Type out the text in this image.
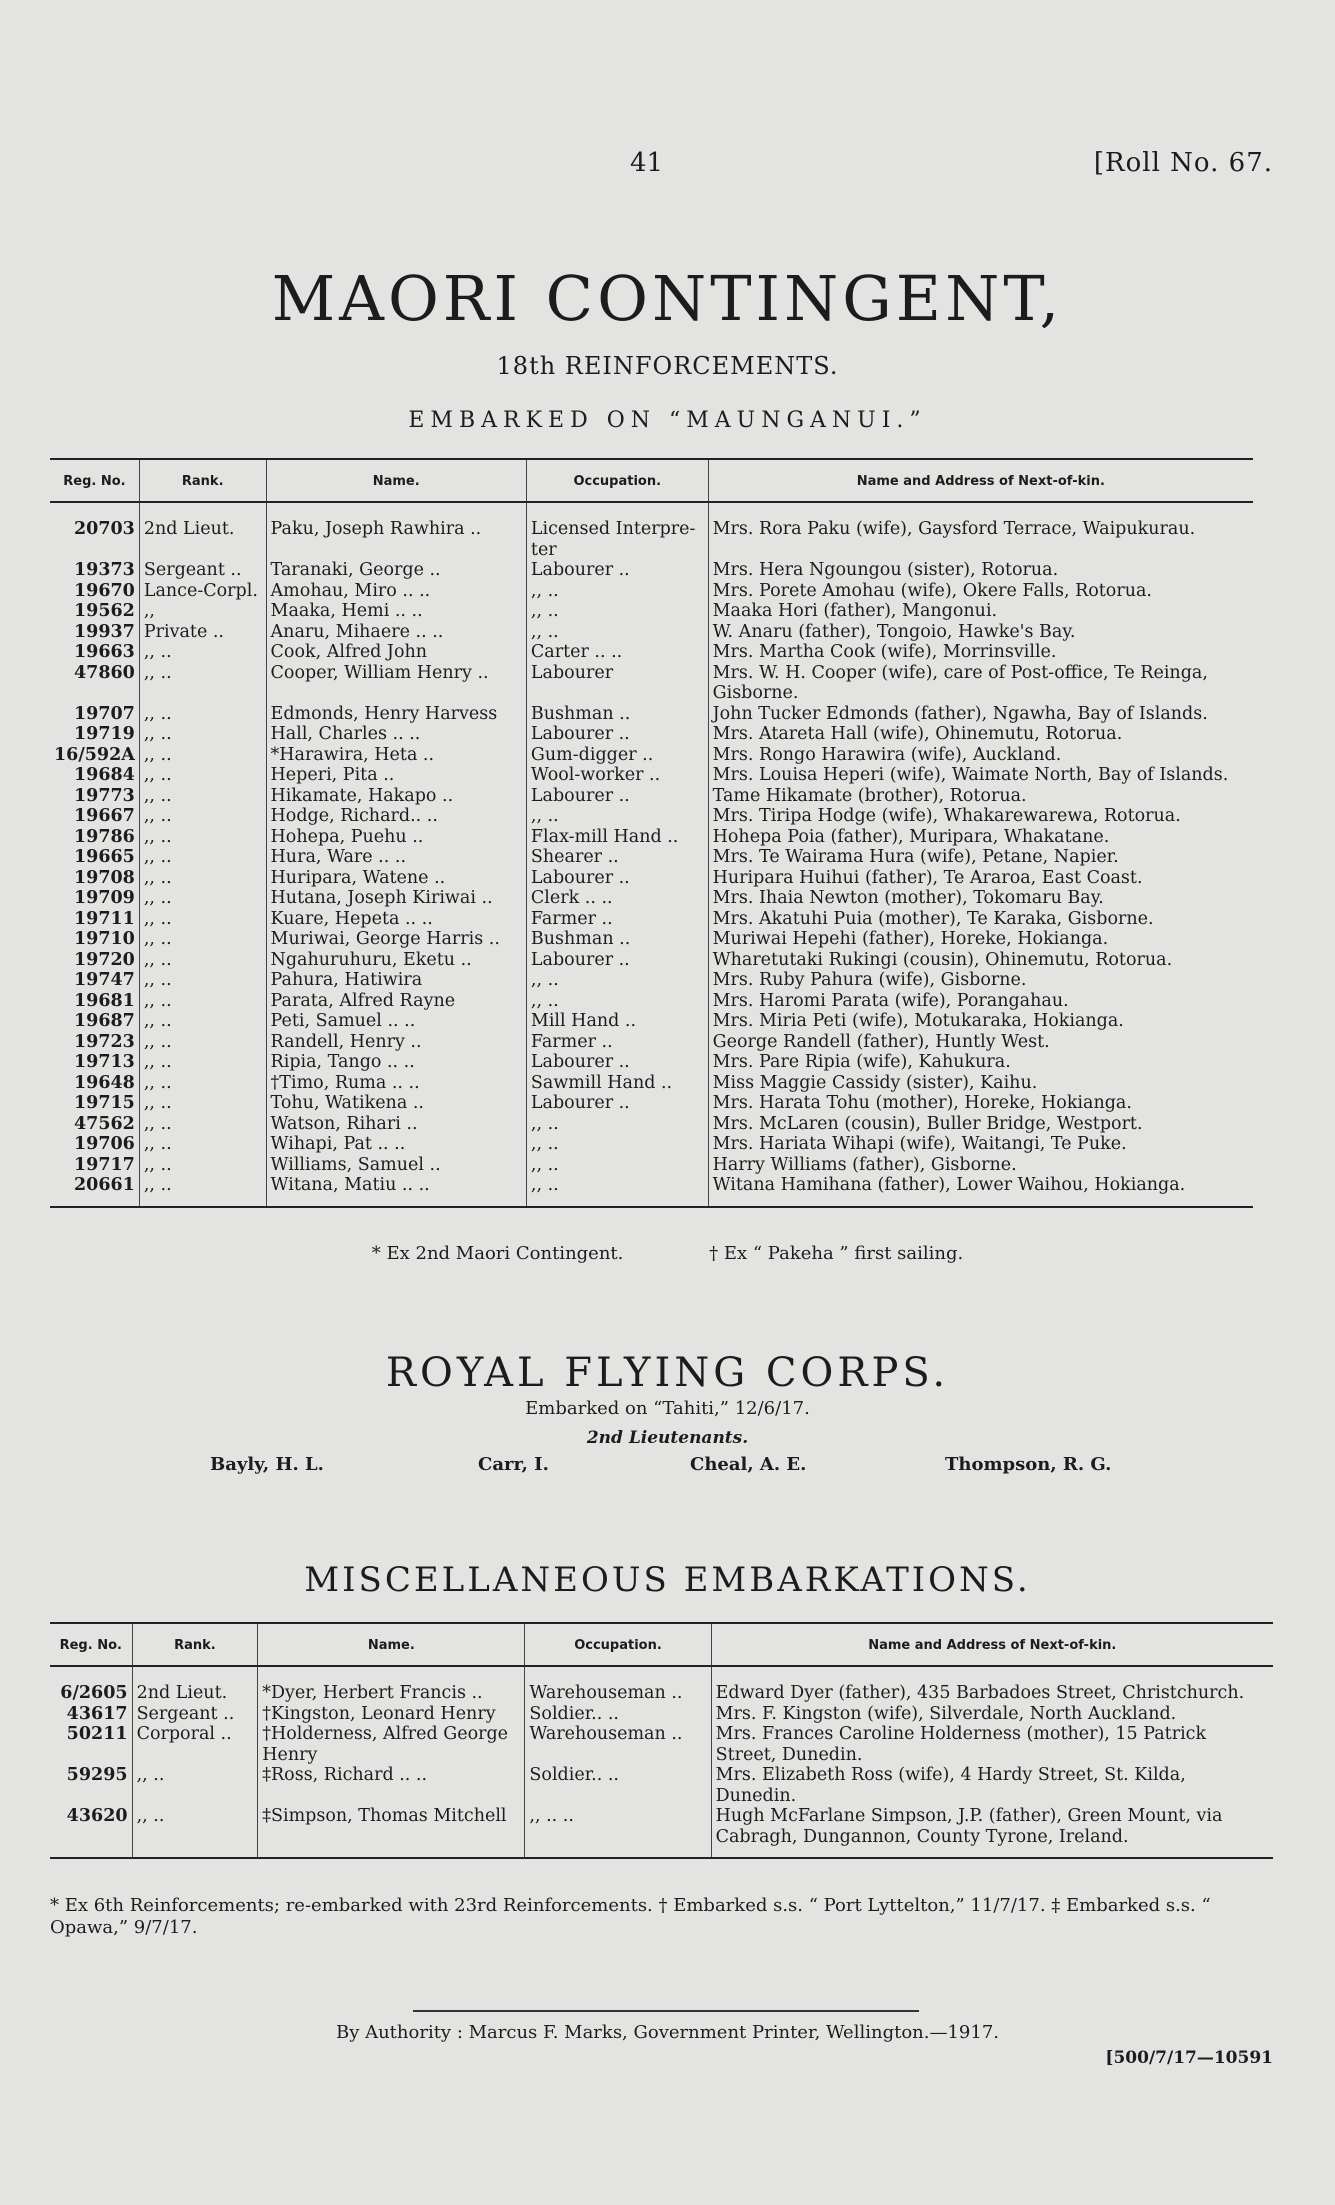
41	[Roll No. 67.
MAORI CONTINGENT,
18th REINFORCEMENTS.
EMBARKED ON “MAUNGANUI.”
Reg. No.	Rank.	Name.	Occupation.	Name and Address of Next-of-kin.

20703	2nd Lieut.	Paku, Joseph Rawhira ..	Licensed Interpre-ter	Mrs. Rora Paku (wife), Gaysford Terrace, Waipukurau.
19373	Sergeant ..	Taranaki, George ..	Labourer ..	Mrs. Hera Ngoungou (sister), Rotorua.
19670	Lance-Corpl.	Amohau, Miro .. ..	,, ..	Mrs. Porete Amohau (wife), Okere Falls, Rotorua.
19562	,,	Maaka, Hemi .. ..	,, ..	Maaka Hori (father), Mangonui.
19937	Private ..	Anaru, Mihaere .. ..	,, ..	W. Anaru (father), Tongoio, Hawke's Bay.
19663	,, ..	Cook, Alfred John	Carter .. ..	Mrs. Martha Cook (wife), Morrinsville.
47860	,, ..	Cooper, William Henry ..	Labourer	Mrs. W. H. Cooper (wife), care of Post-office, Te Reinga, Gisborne.
19707	,, ..	Edmonds, Henry Harvess	Bushman ..	John Tucker Edmonds (father), Ngawha, Bay of Islands.
19719	,, ..	Hall, Charles .. ..	Labourer ..	Mrs. Atareta Hall (wife), Ohinemutu, Rotorua.
16/592A	,, ..	*Harawira, Heta ..	Gum-digger ..	Mrs. Rongo Harawira (wife), Auckland.
19684	,, ..	Heperi, Pita ..	Wool-worker ..	Mrs. Louisa Heperi (wife), Waimate North, Bay of Islands.
19773	,, ..	Hikamate, Hakapo ..	Labourer ..	Tame Hikamate (brother), Rotorua.
19667	,, ..	Hodge, Richard.. ..	,, ..	Mrs. Tiripa Hodge (wife), Whakarewarewa, Rotorua.
19786	,, ..	Hohepa, Puehu ..	Flax-mill Hand ..	Hohepa Poia (father), Muripara, Whakatane.
19665	,, ..	Hura, Ware .. ..	Shearer ..	Mrs. Te Wairama Hura (wife), Petane, Napier.
19708	,, ..	Huripara, Watene ..	Labourer ..	Huripara Huihui (father), Te Araroa, East Coast.
19709	,, ..	Hutana, Joseph Kiriwai ..	Clerk .. ..	Mrs. Ihaia Newton (mother), Tokomaru Bay.
19711	,, ..	Kuare, Hepeta .. ..	Farmer ..	Mrs. Akatuhi Puia (mother), Te Karaka, Gisborne.
19710	,, ..	Muriwai, George Harris ..	Bushman ..	Muriwai Hepehi (father), Horeke, Hokianga.
19720	,, ..	Ngahuruhuru, Eketu ..	Labourer ..	Wharetutaki Rukingi (cousin), Ohinemutu, Rotorua.
19747	,, ..	Pahura, Hatiwira	,, ..	Mrs. Ruby Pahura (wife), Gisborne.
19681	,, ..	Parata, Alfred Rayne	,, ..	Mrs. Haromi Parata (wife), Porangahau.
19687	,, ..	Peti, Samuel .. ..	Mill Hand ..	Mrs. Miria Peti (wife), Motukaraka, Hokianga.
19723	,, ..	Randell, Henry ..	Farmer ..	George Randell (father), Huntly West.
19713	,, ..	Ripia, Tango .. ..	Labourer ..	Mrs. Pare Ripia (wife), Kahukura.
19648	,, ..	†Timo, Ruma .. ..	Sawmill Hand ..	Miss Maggie Cassidy (sister), Kaihu.
19715	,, ..	Tohu, Watikena ..	Labourer ..	Mrs. Harata Tohu (mother), Horeke, Hokianga.
47562	,, ..	Watson, Rihari ..	,, ..	Mrs. McLaren (cousin), Buller Bridge, Westport.
19706	,, ..	Wihapi, Pat .. ..	,, ..	Mrs. Hariata Wihapi (wife), Waitangi, Te Puke.
19717	,, ..	Williams, Samuel ..	,, ..	Harry Williams (father), Gisborne.
20661	,, ..	Witana, Matiu .. ..	,, ..	Witana Hamihana (father), Lower Waihou, Hokianga.
* Ex 2nd Maori Contingent.	† Ex “ Pakeha ” first sailing.
ROYAL FLYING CORPS.
Embarked on “Tahiti,” 12/6/17.
2nd Lieutenants.
Bayly, H. L.	Carr, I.	Cheal, A. E.	Thompson, R. G.
MISCELLANEOUS EMBARKATIONS.
Reg. No.	Rank.	Name.	Occupation.	Name and Address of Next-of-kin.

6/2605	2nd Lieut.	*Dyer, Herbert Francis ..	Warehouseman ..	Edward Dyer (father), 435 Barbadoes Street, Christchurch.
43617	Sergeant ..	†Kingston, Leonard Henry	Soldier.. ..	Mrs. F. Kingston (wife), Silverdale, North Auckland.
50211	Corporal ..	†Holderness, Alfred George Henry	Warehouseman ..	Mrs. Frances Caroline Holderness (mother), 15 Patrick Street, Dunedin.
59295	,, ..	‡Ross, Richard .. ..	Soldier.. ..	Mrs. Elizabeth Ross (wife), 4 Hardy Street, St. Kilda, Dunedin.
43620	,, ..	‡Simpson, Thomas Mitchell	,, .. ..	Hugh McFarlane Simpson, J.P. (father), Green Mount, via Cabragh, Dungannon, County Tyrone, Ireland.
* Ex 6th Reinforcements; re-embarked with 23rd Reinforcements. † Embarked s.s. “ Port Lyttelton,” 11/7/17. ‡ Embarked s.s. “ Opawa,” 9/7/17.
By Authority : Marcus F. Marks, Government Printer, Wellington.—1917.
[500/7/17—10591
